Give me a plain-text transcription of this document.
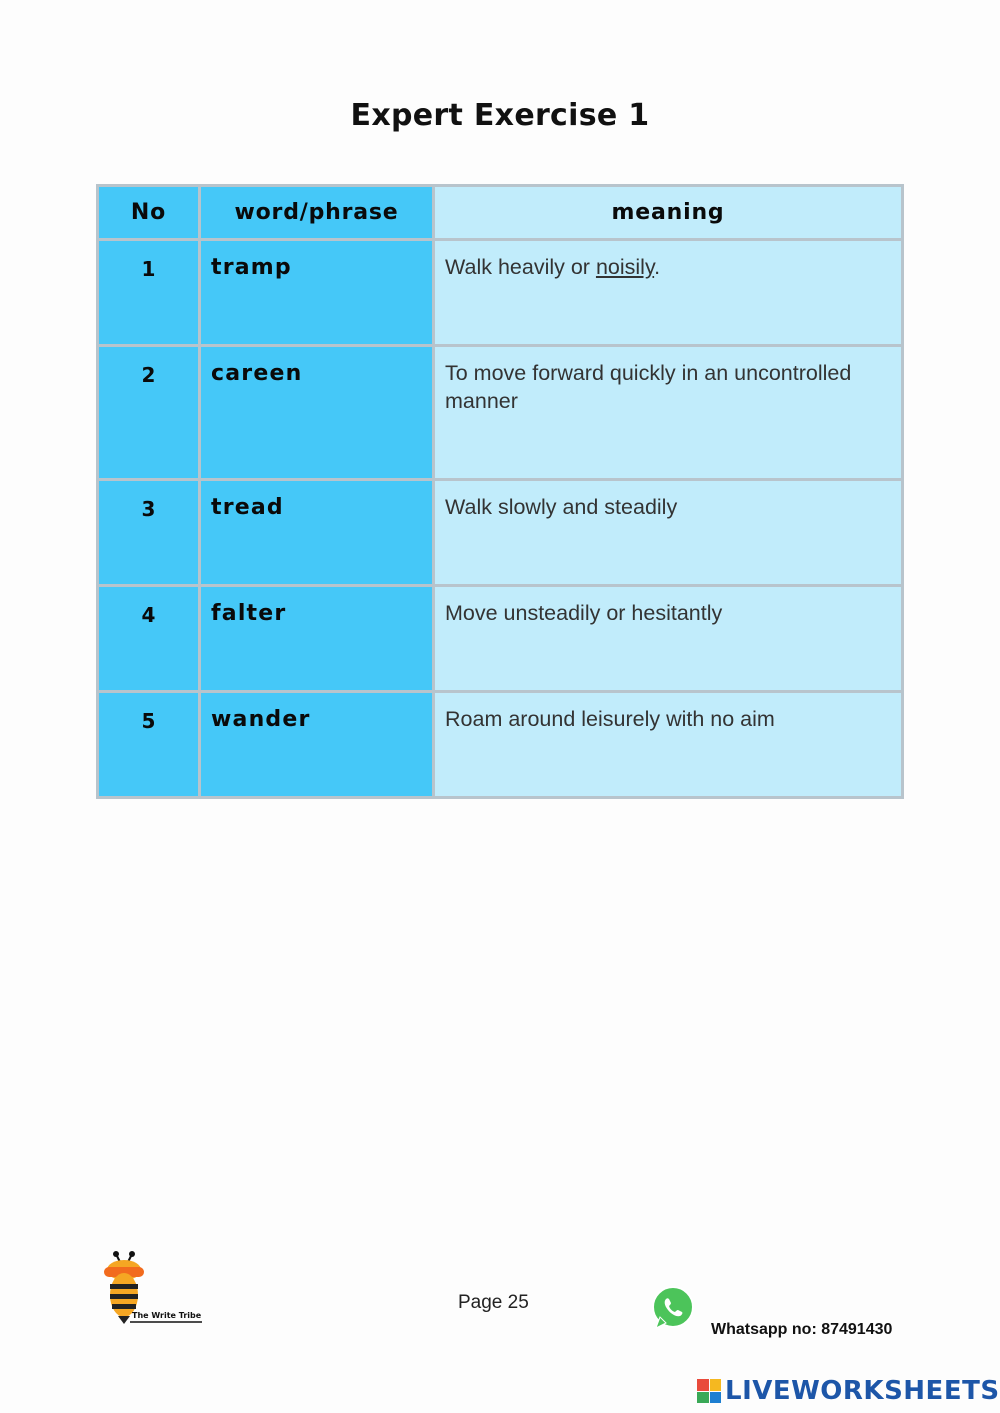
Expert Exercise 1
No	word/phrase	meaning
1	tramp	Walk heavily or noisily.
2	careen	To move forward quickly in an uncontrolled manner
3	tread	Walk slowly and steadily
4	falter	Move unsteadily or hesitantly
5	wander	Roam around leisurely with no aim
The Write Tribe
Page 25
Whatsapp no: 87491430
LIVEWORKSHEETS
